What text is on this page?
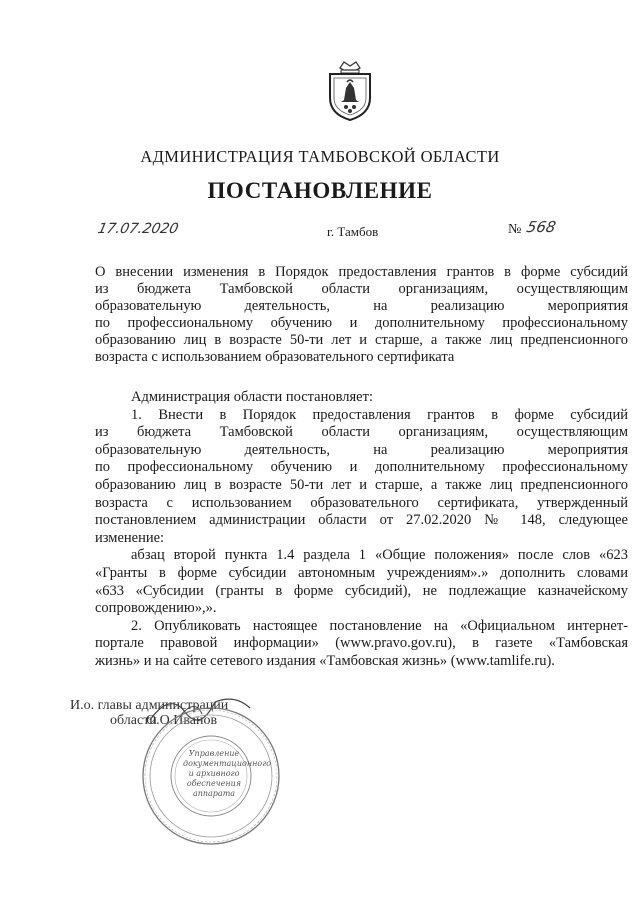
АДМИНИСТРАЦИЯ ТАМБОВСКОЙ ОБЛАСТИ
ПОСТАНОВЛЕНИЕ
17.07.2020	г. Тамбов	№ 568
О внесении изменения в Порядок предоставления грантов в форме субсидий
из бюджета Тамбовской области организациям, осуществляющим
образовательную деятельность, на реализацию мероприятия
по профессиональному обучению и дополнительному профессиональному
образованию лиц в возрасте 50-ти лет и старше, а также лиц предпенсионного
возраста с использованием образовательного сертификата
Администрация области постановляет:
1. Внести в Порядок предоставления грантов в форме субсидий
из бюджета Тамбовской области организациям, осуществляющим
образовательную деятельность, на реализацию мероприятия
по профессиональному обучению и дополнительному профессиональному
образованию лиц в возрасте 50-ти лет и старше, а также лиц предпенсионного
возраста с использованием образовательного сертификата, утвержденный
постановлением администрации области от 27.02.2020 № 148, следующее
изменение:
абзац второй пункта 1.4 раздела 1 «Общие положения» после слов «623
«Гранты в форме субсидии автономным учреждениям».» дополнить словами
«633 «Субсидии (гранты в форме субсидий), не подлежащие казначейскому
сопровождению»,».
2. Опубликовать настоящее постановление на «Официальном интернет-
портале правовой информации» (www.pravo.gov.ru), в газете «Тамбовская
жизнь» и на сайте сетевого издания «Тамбовская жизнь» (www.tamlife.ru).
И.о. главы администрации
области
О.О.Иванов
Управление
документационного
и архивного
обеспечения
аппарата
